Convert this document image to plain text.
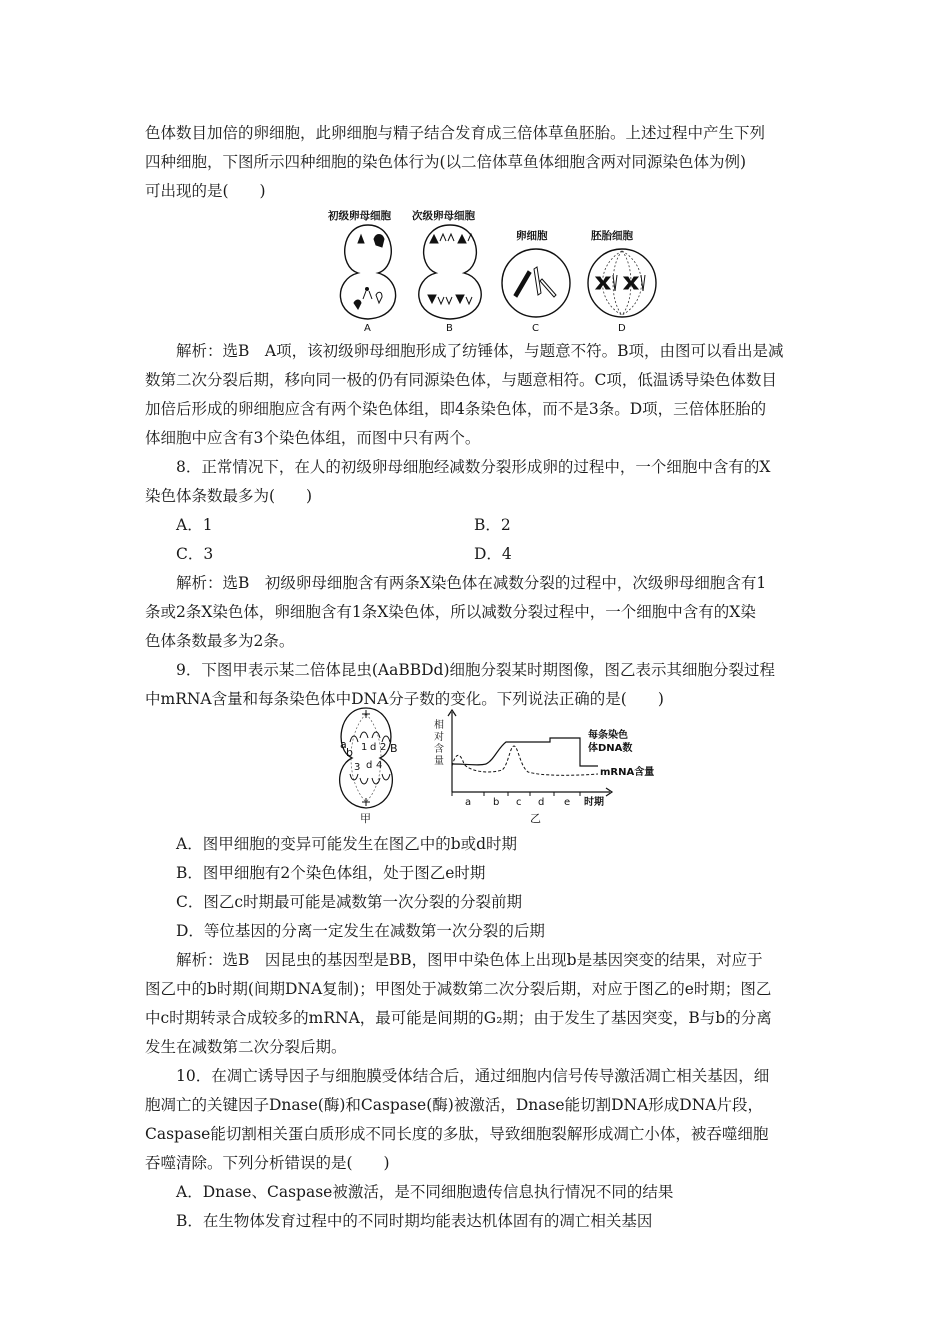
色体数目加倍的卵细胞，此卵细胞与精子结合发育成三倍体草鱼胚胎。上述过程中产生下列
四种细胞，下图所示四种细胞的染色体行为(以二倍体草鱼体细胞含两对同源染色体为例)
可出现的是(　　)
初级卵母细胞 次级卵母细胞
卵细胞	胚胎细胞
A	B	C	D
解析：选B　A项，该初级卵母细胞形成了纺锤体，与题意不符。B项，由图可以看出是减
数第二次分裂后期，移向同一极的仍有同源染色体，与题意相符。C项，低温诱导染色体数目
加倍后形成的卵细胞应含有两个染色体组，即4条染色体，而不是3条。D项，三倍体胚胎的
体细胞中应含有3个染色体组，而图中只有两个。
8．正常情况下，在人的初级卵母细胞经减数分裂形成卵的过程中，一个细胞中含有的X
染色体条数最多为(　　)
A．1	B．2
C．3	D．4
解析：选B　初级卵母细胞含有两条X染色体在减数分裂的过程中，次级卵母细胞含有1
条或2条X染色体，卵细胞含有1条X染色体，所以减数分裂过程中，一个细胞中含有的X染
色体条数最多为2条。
9．下图甲表示某二倍体昆虫(AaBBDd)细胞分裂某时期图像，图乙表示其细胞分裂过程
中mRNA含量和每条染色体中DNA分子数的变化。下列说法正确的是(　　)
a
b	B
d
1 2
3 d 4
甲
相
对
含
量
a b c d e 时期
每条染色
体DNA数
mRNA含量
乙
A．图甲细胞的变异可能发生在图乙中的b或d时期
B．图甲细胞有2个染色体组，处于图乙e时期
C．图乙c时期最可能是减数第一次分裂的分裂前期
D．等位基因的分离一定发生在减数第一次分裂的后期
解析：选B　因昆虫的基因型是BB，图甲中染色体上出现b是基因突变的结果，对应于
图乙中的b时期(间期DNA复制)；甲图处于减数第二次分裂后期，对应于图乙的e时期；图乙
中c时期转录合成较多的mRNA，最可能是间期的G₂期；由于发生了基因突变，B与b的分离
发生在减数第二次分裂后期。
10．在凋亡诱导因子与细胞膜受体结合后，通过细胞内信号传导激活凋亡相关基因，细
胞凋亡的关键因子Dnase(酶)和Caspase(酶)被激活，Dnase能切割DNA形成DNA片段，
Caspase能切割相关蛋白质形成不同长度的多肽，导致细胞裂解形成凋亡小体，被吞噬细胞
吞噬清除。下列分析错误的是(　　)
A．Dnase、Caspase被激活，是不同细胞遗传信息执行情况不同的结果
B．在生物体发育过程中的不同时期均能表达机体固有的凋亡相关基因
